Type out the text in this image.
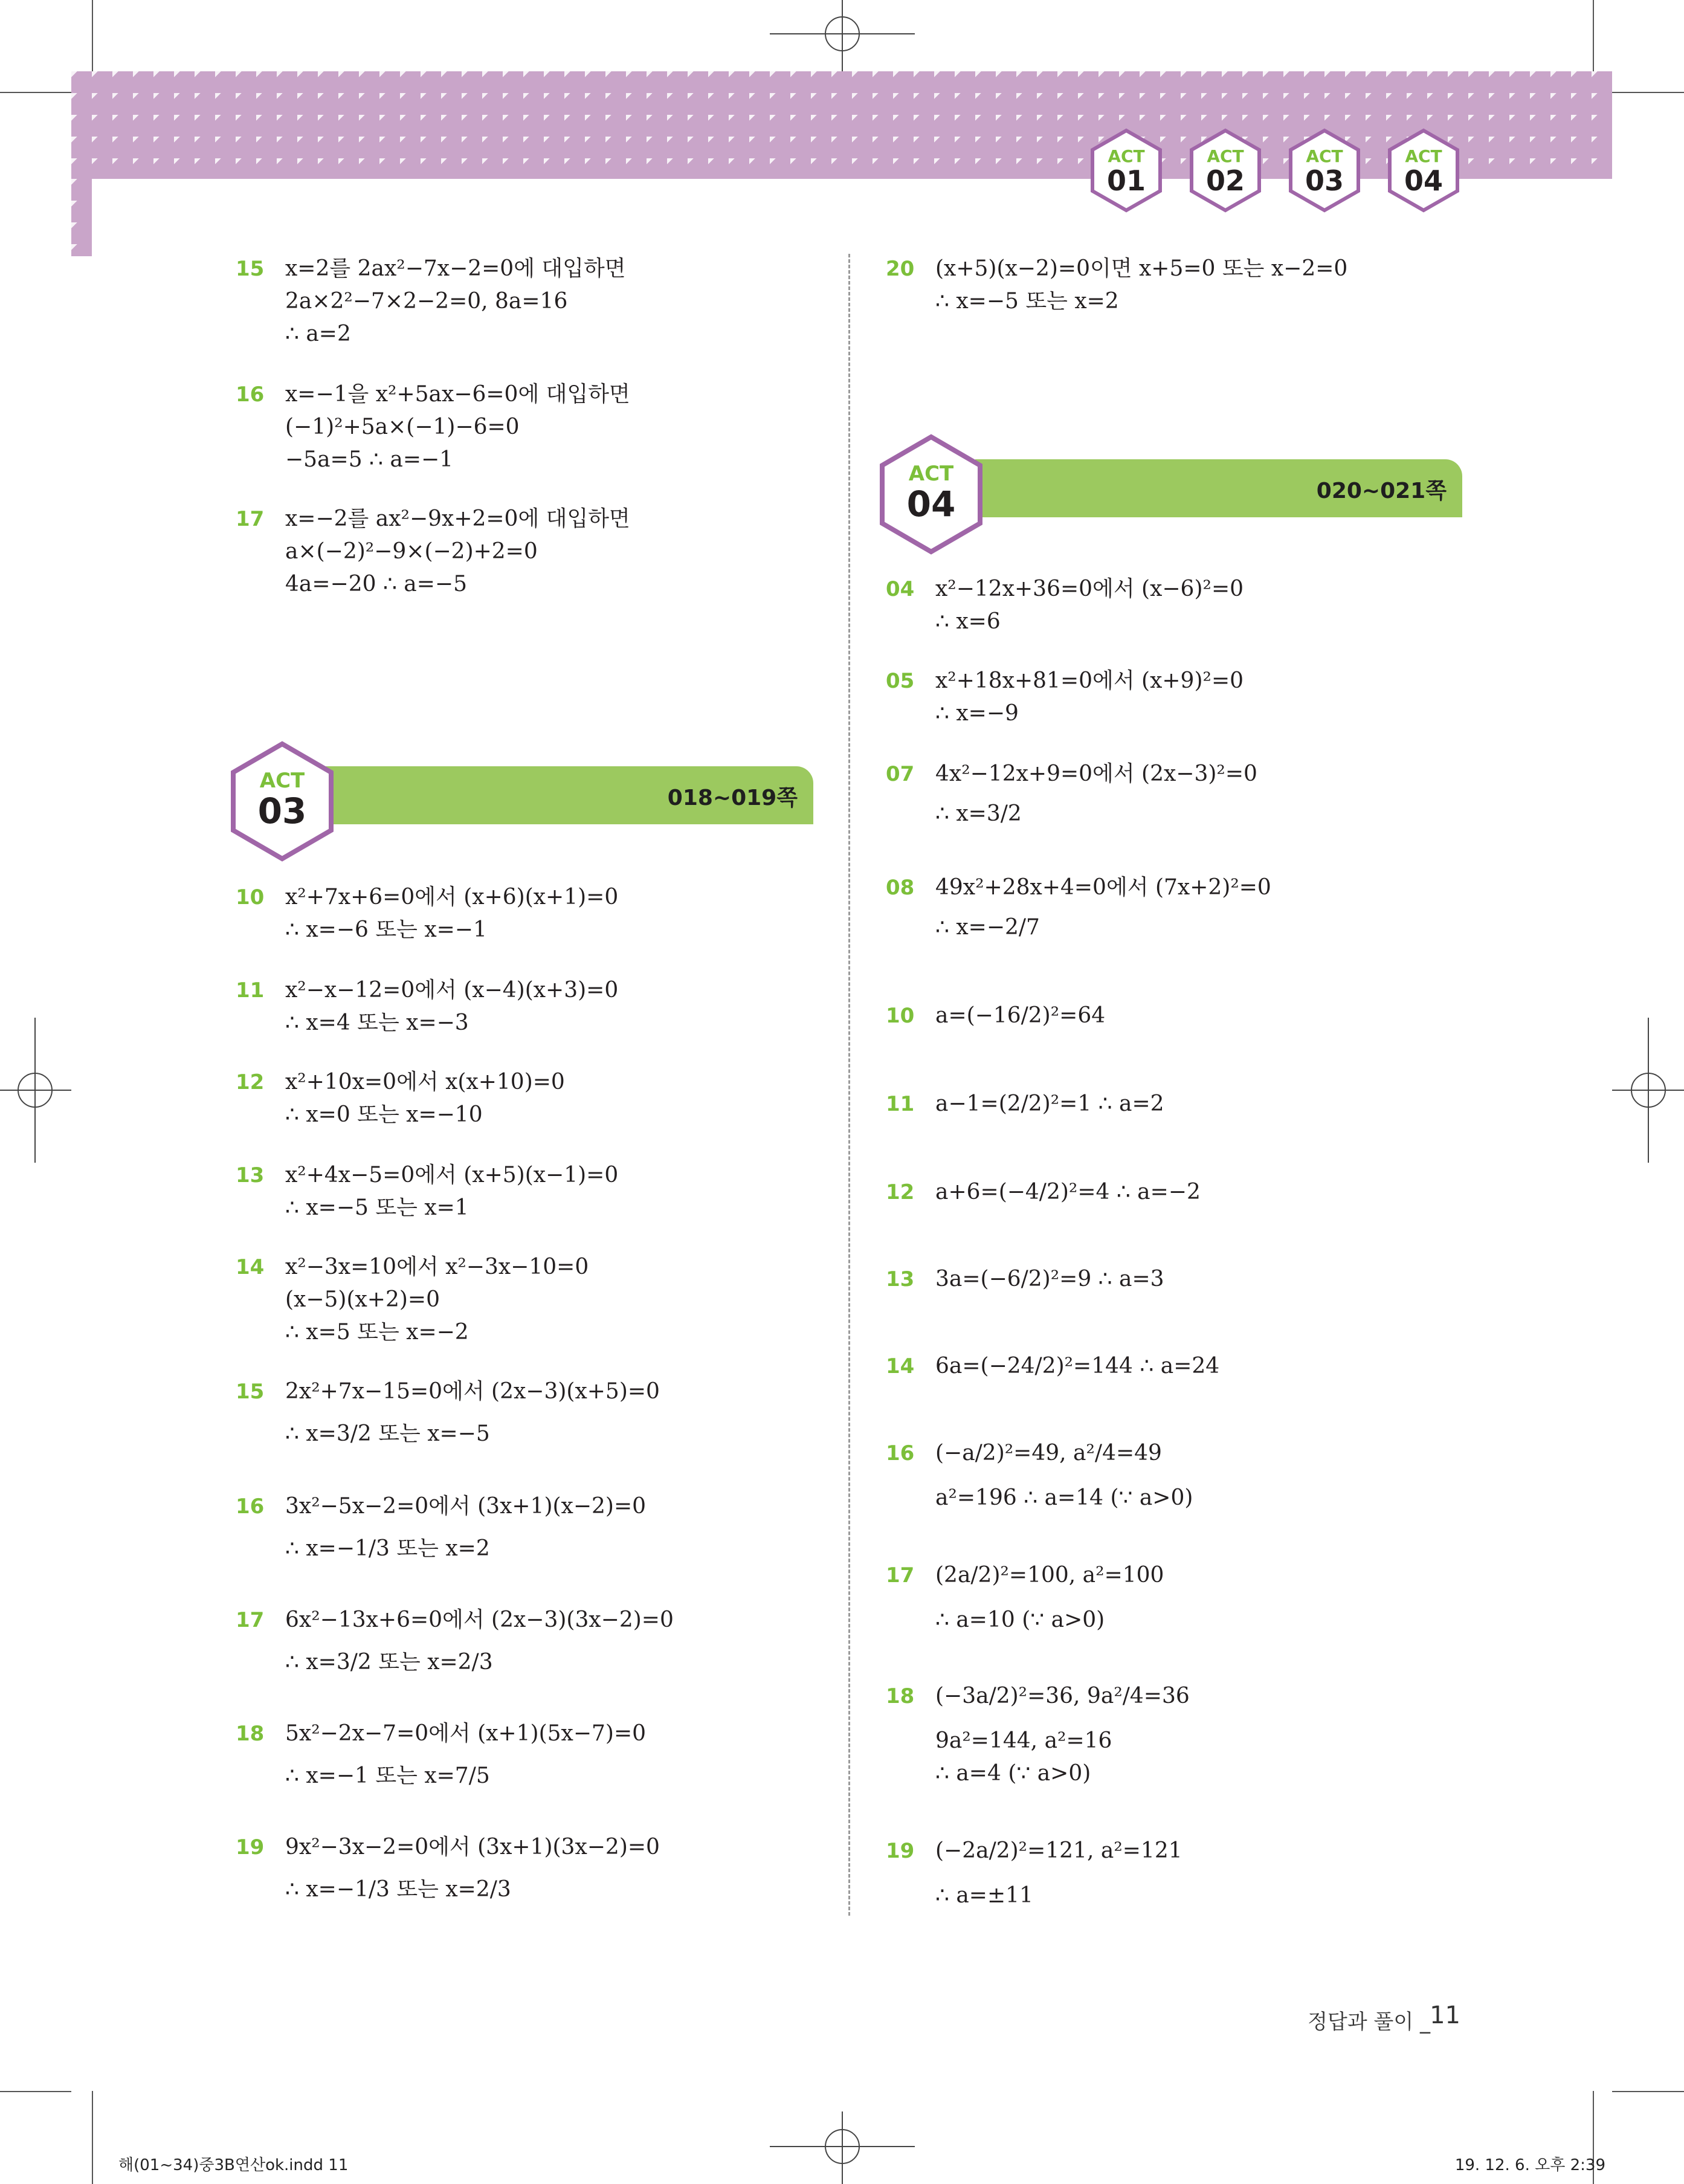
ACT
01
ACT
02
ACT
03
ACT
04
15 x=2를 2ax²−7x−2=0에 대입하면
2a×2²−7×2−2=0, 8a=16
∴ a=2
16 x=−1을 x²+5ax−6=0에 대입하면
(−1)²+5a×(−1)−6=0
−5a=5 ∴ a=−1
17 x=−2를 ax²−9x+2=0에 대입하면
a×(−2)²−9×(−2)+2=0
4a=−20 ∴ a=−5
018~019쪽
ACT
03
10 x²+7x+6=0에서 (x+6)(x+1)=0
∴ x=−6 또는 x=−1
11 x²−x−12=0에서 (x−4)(x+3)=0
∴ x=4 또는 x=−3
12 x²+10x=0에서 x(x+10)=0
∴ x=0 또는 x=−10
13 x²+4x−5=0에서 (x+5)(x−1)=0
∴ x=−5 또는 x=1
14 x²−3x=10에서 x²−3x−10=0
(x−5)(x+2)=0
∴ x=5 또는 x=−2
15 2x²+7x−15=0에서 (2x−3)(x+5)=0
∴ x=3/2 또는 x=−5
16 3x²−5x−2=0에서 (3x+1)(x−2)=0
∴ x=−1/3 또는 x=2
17 6x²−13x+6=0에서 (2x−3)(3x−2)=0
∴ x=3/2 또는 x=2/3
18 5x²−2x−7=0에서 (x+1)(5x−7)=0
∴ x=−1 또는 x=7/5
19 9x²−3x−2=0에서 (3x+1)(3x−2)=0
∴ x=−1/3 또는 x=2/3
20 (x+5)(x−2)=0이면 x+5=0 또는 x−2=0
∴ x=−5 또는 x=2
020~021쪽
ACT
04
04 x²−12x+36=0에서 (x−6)²=0
∴ x=6
05 x²+18x+81=0에서 (x+9)²=0
∴ x=−9
07 4x²−12x+9=0에서 (2x−3)²=0
∴ x=3/2
08 49x²+28x+4=0에서 (7x+2)²=0
∴ x=−2/7
10 a=(−16/2)²=64
11 a−1=(2/2)²=1 ∴ a=2
12 a+6=(−4/2)²=4 ∴ a=−2
13 3a=(−6/2)²=9 ∴ a=3
14 6a=(−24/2)²=144 ∴ a=24
16 (−a/2)²=49, a²/4=49
a²=196 ∴ a=14 (∵ a>0)
17 (2a/2)²=100, a²=100
∴ a=10 (∵ a>0)
18 (−3a/2)²=36, 9a²/4=36
9a²=144, a²=16
∴ a=4 (∵ a>0)
19 (−2a/2)²=121, a²=121
∴ a=±11
정답과 풀이 _ 11
해(01~34)중3B연산ok.indd 11	19. 12. 6. 오후 2:39
